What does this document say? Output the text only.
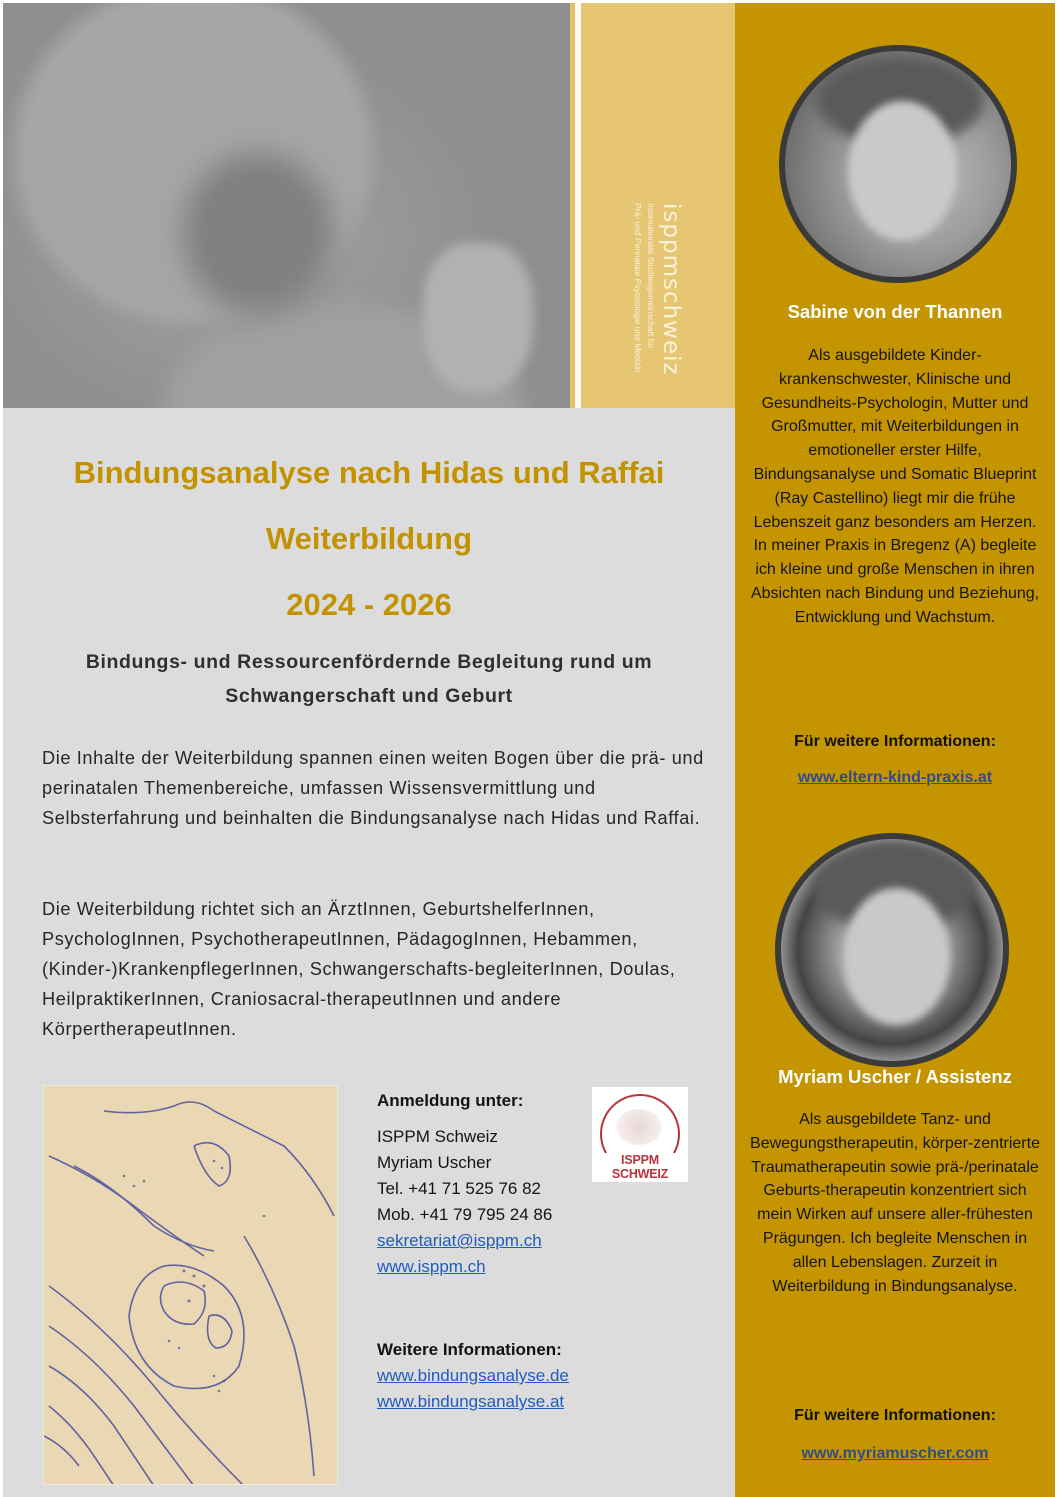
isppmschweiz
Internationale Studiengemeinschaft für
Prä- und Perinatale Psychologie und Medizin
Bindungsanalyse nach Hidas und Raffai
Weiterbildung
2024 - 2026
Bindungs- und Ressourcenfördernde Begleitung rund um
Schwangerschaft und Geburt

Die Inhalte der Weiterbildung spannen einen weiten Bogen über die prä- und perinatalen Themenbereiche, umfassen Wissensvermittlung und Selbsterfahrung und beinhalten die Bindungsanalyse nach Hidas und Raffai.

Die Weiterbildung richtet sich an ÄrztInnen, GeburtshelferInnen, PsychologInnen, PsychotherapeutInnen, PädagogInnen, Hebammen, (Kinder-)KrankenpflegerInnen, Schwangerschafts-begleiterInnen, Doulas, HeilpraktikerInnen, Craniosacral-therapeutInnen und andere KörpertherapeutInnen.

Anmeldung unter:
ISPPM Schweiz
Myriam Uscher
Tel. +41 71 525 76 82
Mob. +41 79 795 24 86
sekretariat@isppm.ch
www.isppm.ch
ISPPM SCHWEIZ
Weitere Informationen:
www.bindungsanalyse.de
www.bindungsanalyse.at
Sabine von der Thannen
Als ausgebildete Kinder-krankenschwester, Klinische und Gesundheits-Psychologin, Mutter und Großmutter, mit Weiterbildungen in emotioneller erster Hilfe, Bindungsanalyse und Somatic Blueprint (Ray Castellino) liegt mir die frühe Lebenszeit ganz besonders am Herzen. In meiner Praxis in Bregenz (A) begleite ich kleine und große Menschen in ihren Absichten nach Bindung und Beziehung, Entwicklung und Wachstum.
Für weitere Informationen:
www.eltern-kind-praxis.at
Myriam Uscher / Assistenz
Als ausgebildete Tanz- und Bewegungstherapeutin, körper-zentrierte Traumatherapeutin sowie prä-/perinatale Geburts-therapeutin konzentriert sich mein Wirken auf unsere aller-frühesten Prägungen. Ich begleite Menschen in allen Lebenslagen. Zurzeit in Weiterbildung in Bindungsanalyse.
Für weitere Informationen:
www.myriamuscher.com
